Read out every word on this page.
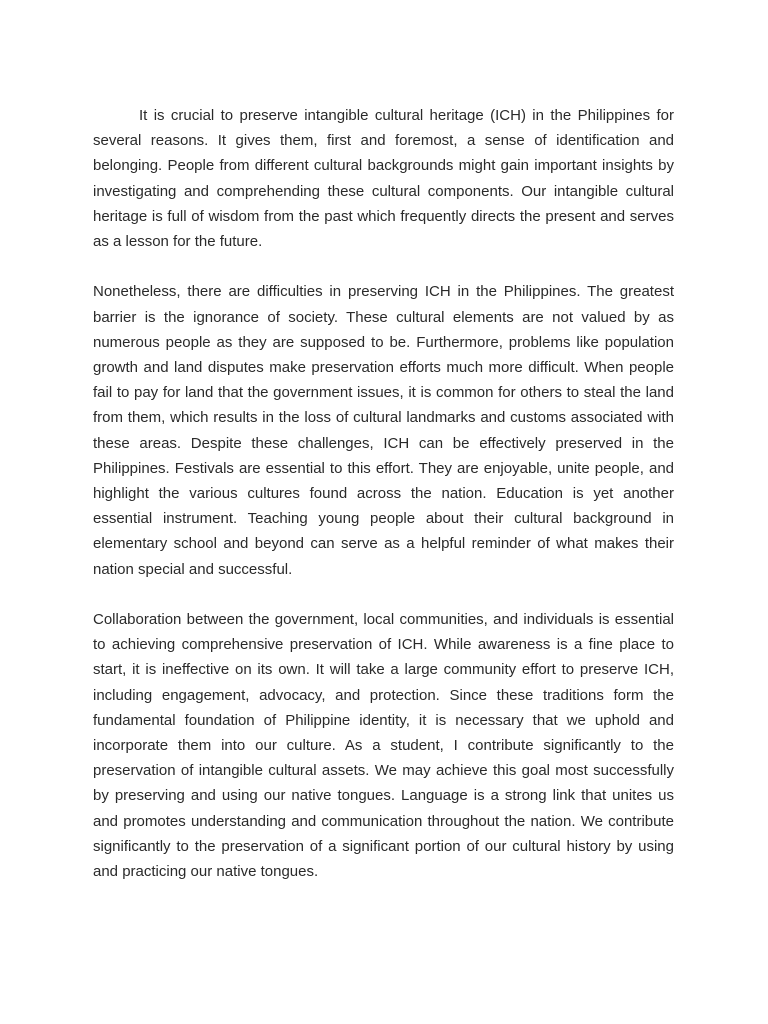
It is crucial to preserve intangible cultural heritage (ICH) in the Philippines for several reasons. It gives them, first and foremost, a sense of identification and belonging. People from different cultural backgrounds might gain important insights by investigating and comprehending these cultural components. Our intangible cultural heritage is full of wisdom from the past which frequently directs the present and serves as a lesson for the future.

Nonetheless, there are difficulties in preserving ICH in the Philippines. The greatest barrier is the ignorance of society. These cultural elements are not valued by as numerous people as they are supposed to be. Furthermore, problems like population growth and land disputes make preservation efforts much more difficult. When people fail to pay for land that the government issues, it is common for others to steal the land from them, which results in the loss of cultural landmarks and customs associated with these areas. Despite these challenges, ICH can be effectively preserved in the Philippines. Festivals are essential to this effort. They are enjoyable, unite people, and highlight the various cultures found across the nation. Education is yet another essential instrument. Teaching young people about their cultural background in elementary school and beyond can serve as a helpful reminder of what makes their nation special and successful.

Collaboration between the government, local communities, and individuals is essential to achieving comprehensive preservation of ICH. While awareness is a fine place to start, it is ineffective on its own. It will take a large community effort to preserve ICH, including engagement, advocacy, and protection. Since these traditions form the fundamental foundation of Philippine identity, it is necessary that we uphold and incorporate them into our culture. As a student, I contribute significantly to the preservation of intangible cultural assets. We may achieve this goal most successfully by preserving and using our native tongues. Language is a strong link that unites us and promotes understanding and communication throughout the nation. We contribute significantly to the preservation of a significant portion of our cultural history by using and practicing our native tongues.
